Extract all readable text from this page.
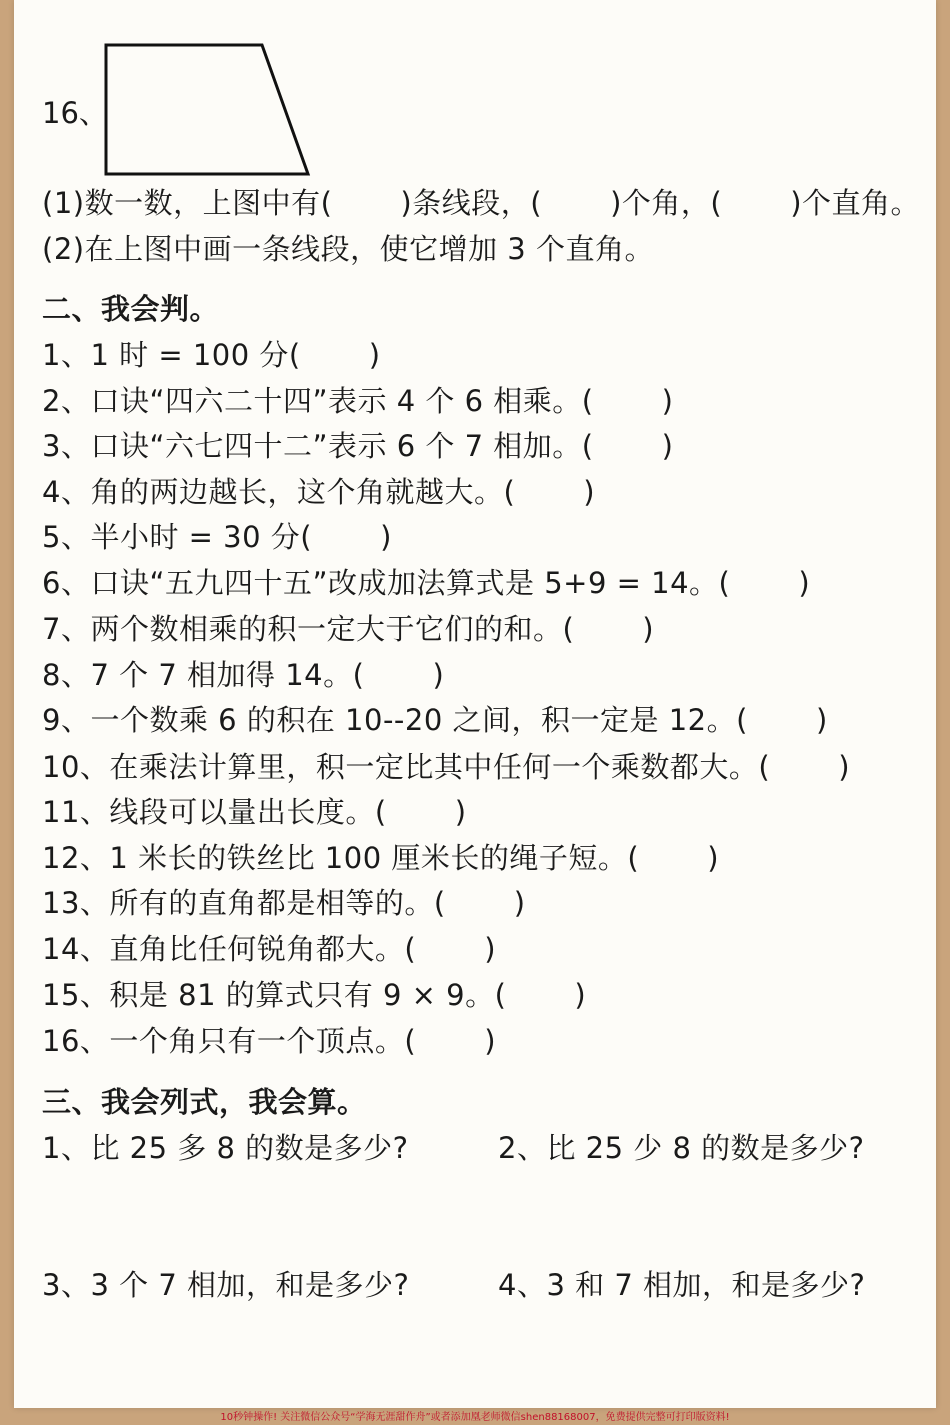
16、
(1)数一数，上图中有(       )条线段，(       )个角，(       )个直角。
(2)在上图中画一条线段，使它增加 3 个直角。
二、我会判。
1、1 时 = 100 分(       )
2、口诀“四六二十四”表示 4 个 6 相乘。(       )
3、口诀“六七四十二”表示 6 个 7 相加。(       )
4、角的两边越长，这个角就越大。(       )
5、半小时 = 30 分(       )
6、口诀“五九四十五”改成加法算式是 5+9 = 14。(       )
7、两个数相乘的积一定大于它们的和。(       )
8、7 个 7 相加得 14。(       )
9、一个数乘 6 的积在 10--20 之间，积一定是 12。(       )
10、在乘法计算里，积一定比其中任何一个乘数都大。(       )
11、线段可以量出长度。(       )
12、1 米长的铁丝比 100 厘米长的绳子短。(       )
13、所有的直角都是相等的。(       )
14、直角比任何锐角都大。(       )
15、积是 81 的算式只有 9 × 9。(       )
16、一个角只有一个顶点。(       )
三、我会列式，我会算。
1、比 25 多 8 的数是多少?	2、比 25 少 8 的数是多少?
3、3 个 7 相加，和是多少?	4、3 和 7 相加，和是多少?
10秒钟操作! 关注微信公众号“学海无涯甜作舟”或者添加凰老师微信shen88168007，免费提供完整可打印版资料!
